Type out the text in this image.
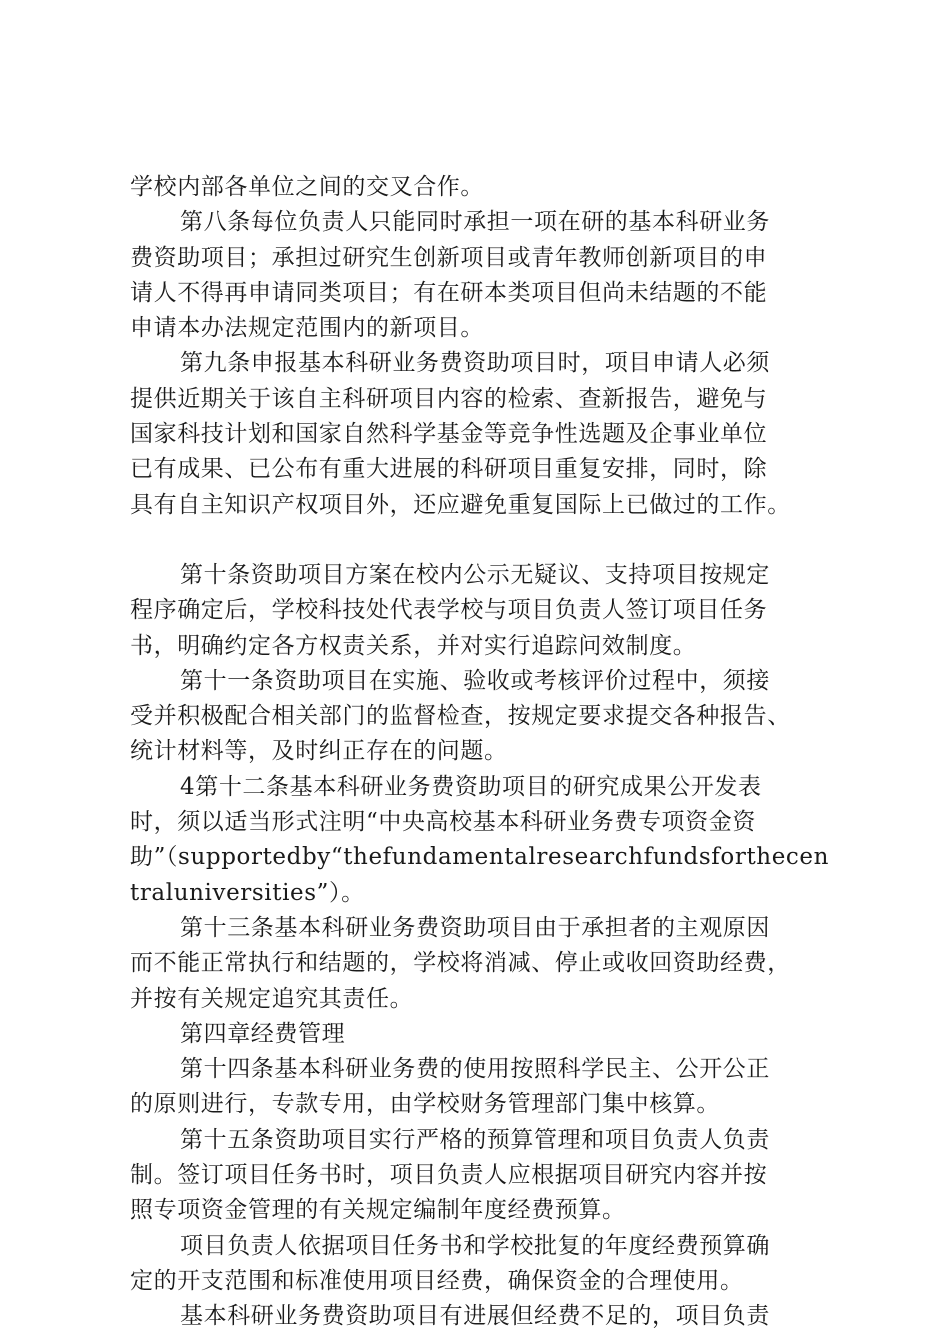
学校内部各单位之间的交叉合作。

第八条每位负责人只能同时承担一项在研的基本科研业务

费资助项目；承担过研究生创新项目或青年教师创新项目的申

请人不得再申请同类项目；有在研本类项目但尚未结题的不能

申请本办法规定范围内的新项目。

第九条申报基本科研业务费资助项目时，项目申请人必须

提供近期关于该自主科研项目内容的检索、查新报告，避免与

国家科技计划和国家自然科学基金等竞争性选题及企事业单位

已有成果、已公布有重大进展的科研项目重复安排，同时，除

具有自主知识产权项目外，还应避免重复国际上已做过的工作。

第十条资助项目方案在校内公示无疑议、支持项目按规定

程序确定后，学校科技处代表学校与项目负责人签订项目任务

书，明确约定各方权责关系，并对实行追踪问效制度。

第十一条资助项目在实施、验收或考核评价过程中，须接

受并积极配合相关部门的监督检查，按规定要求提交各种报告、

统计材料等，及时纠正存在的问题。

4第十二条基本科研业务费资助项目的研究成果公开发表

时，须以适当形式注明“中央高校基本科研业务费专项资金资

助”（supportedby“thefundamentalresearchfundsforthecen

traluniversities”）。

第十三条基本科研业务费资助项目由于承担者的主观原因

而不能正常执行和结题的，学校将消减、停止或收回资助经费，

并按有关规定追究其责任。

第四章经费管理

第十四条基本科研业务费的使用按照科学民主、公开公正

的原则进行，专款专用，由学校财务管理部门集中核算。

第十五条资助项目实行严格的预算管理和项目负责人负责

制。签订项目任务书时，项目负责人应根据项目研究内容并按

照专项资金管理的有关规定编制年度经费预算。

项目负责人依据项目任务书和学校批复的年度经费预算确

定的开支范围和标准使用项目经费，确保资金的合理使用。

基本科研业务费资助项目有进展但经费不足的，项目负责
